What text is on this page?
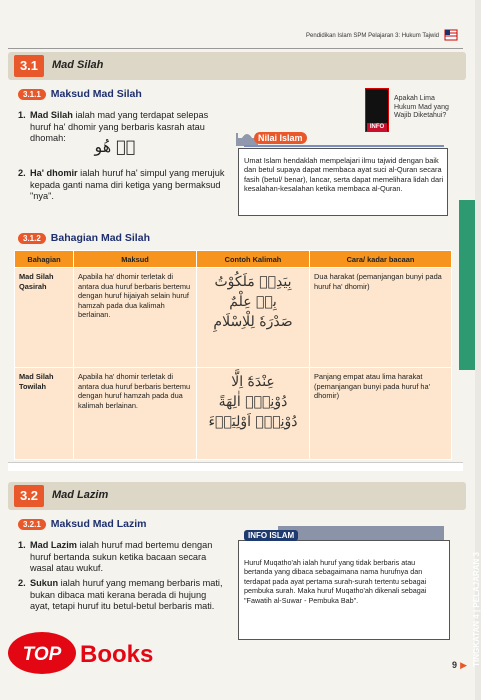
Pendidikan Islam SPM Pelajaran 3: Hukum Tajwid
3.1	Mad Silah
3.1.1 Maksud Mad Silah
1. Mad Silah ialah mad yang terdapat selepas huruf ha' dhomir yang berbaris kasrah atau dhomah:	هٖ هُو
2. Ha' dhomir ialah huruf ha' simpul yang merujuk kepada ganti nama diri ketiga yang bermaksud "nya".
INFO
Apakah Lima Hukum Mad yang Wajib Diketahui?
Nilai Islam
Umat Islam hendaklah mempelajari ilmu tajwid dengan baik dan betul supaya dapat membaca ayat suci al-Quran secara fasih (betul/ benar), lancar, serta dapat memelihara lidah dari kesalahan-kesalahan ketika membaca al-Quran.
TINGKATAN 4 | PELAJARAN 3
3.1.2 Bahagian Mad Silah
Bahagian	Maksud	Contoh Kalimah	Cara/ kadar bacaan
Mad Silah Qasirah	Apabila ha' dhomir terletak di antara dua huruf berbaris bertemu dengan huruf hijaiyah selain huruf hamzah pada dua kalimah berlainan.	بِيَدِهٖ مَلَكُوْتُ
بِهٖ عِلْمٌ
صَدْرَهٗ لِلْاِسْلَامِ	Dua harakat (pemanjangan bunyi pada huruf ha' dhomir)
Mad Silah Towilah	Apabila ha' dhomir terletak di antara dua huruf berbaris bertemu dengan huruf hamzah pada dua kalimah berlainan.	عِنْدَهٗٓ اِلَّا
دُوْنِهٖٓ اٰلِهَةً
دُوْنِهٖٓ اَوْلِيَاۤءَ	Panjang empat atau lima harakat (pemanjangan bunyi pada huruf ha' dhomir)
3.2	Mad Lazim
3.2.1 Maksud Mad Lazim
1. Mad Lazim ialah huruf mad bertemu dengan huruf bertanda sukun ketika bacaan secara wasal atau wukuf.
2. Sukun ialah huruf yang memang berbaris mati, bukan dibaca mati kerana berada di hujung ayat, tetapi huruf itu betul-betul berbaris mati.
INFO ISLAM
Huruf Muqatho'ah ialah huruf yang tidak berbaris atau bertanda yang dibaca sebagaimana nama hurufnya dan terdapat pada ayat pertama surah-surah tertentu sebagai pembuka surah. Maka huruf Muqatho'ah dikenali sebagai "Fawatih al-Suwar - Pembuka Bab".
TOP Books	9 ▶
